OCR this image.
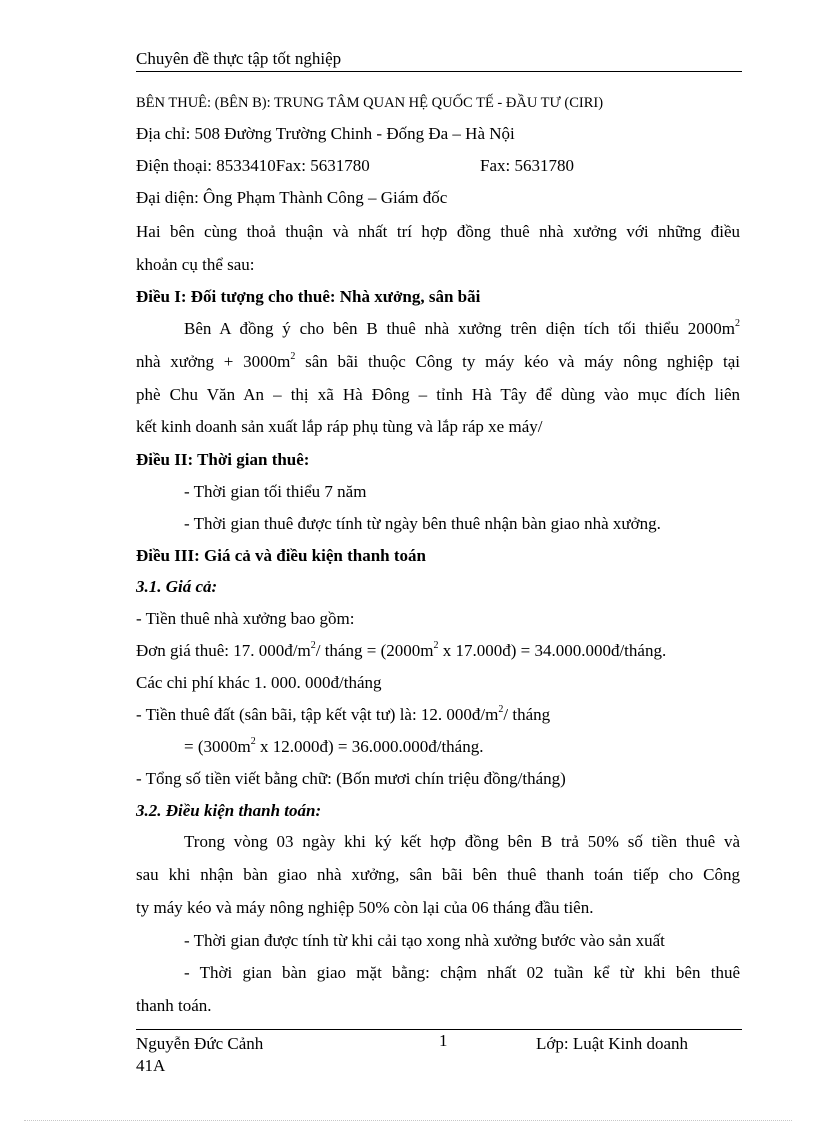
Chuyên đề thực tập tốt nghiệp
BÊN THUÊ: (BÊN B): TRUNG TÂM QUAN HỆ QUỐC TẾ - ĐẦU TƯ (CIRI)
Địa chỉ: 508 Đường Trường Chinh - Đống Đa – Hà Nội
Điện thoại: 8533410Fax: 5631780	Fax: 5631780
Đại diện: Ông Phạm Thành Công – Giám đốc
Hai bên cùng thoả thuận và nhất trí hợp đồng thuê nhà xưởng với những điều
khoản cụ thể sau:
Điều I: Đối tượng cho thuê: Nhà xưởng, sân bãi
Bên A đồng ý cho bên B thuê nhà xưởng trên diện tích tối thiểu $2000m^2$
nhà xưởng + $3000m^2$ sân bãi thuộc Công ty máy kéo và máy nông nghiệp tại
phè Chu Văn An – thị xã Hà Đông – tỉnh Hà Tây để dùng vào mục đích liên
kết kinh doanh sản xuất lắp ráp phụ tùng và lắp ráp xe máy/
Điều II: Thời gian thuê:
- Thời gian tối thiểu 7 năm
- Thời gian thuê được tính từ ngày bên thuê nhận bàn giao nhà xưởng.
Điều III: Giá cả và điều kiện thanh toán
3.1. Giá cả:
- Tiền thuê nhà xưởng bao gồm:
Đơn giá thuê: 17. $000đ/m^2/$ tháng = ($2000m^2$ x 17.000đ) = 34.000.000đ/tháng.
Các chi phí khác 1. 000. 000đ/tháng
- Tiền thuê đất (sân bãi, tập kết vật tư) là: 12. $000đ/m^2/$ tháng
= ($3000m^2$ x 12.000đ) = 36.000.000đ/tháng.
- Tổng số tiền viết bằng chữ: (Bốn mươi chín triệu đồng/tháng)
3.2. Điều kiện thanh toán:
Trong vòng 03 ngày khi ký kết hợp đồng bên B trả 50% số tiền thuê và
sau khi nhận bàn giao nhà xưởng, sân bãi bên thuê thanh toán tiếp cho Công
ty máy kéo và máy nông nghiệp 50% còn lại của 06 tháng đầu tiên.
- Thời gian được tính từ khi cải tạo xong nhà xưởng bước vào sản xuất
- Thời gian bàn giao mặt bằng: chậm nhất 02 tuần kể từ khi bên thuê
thanh toán.
Nguyễn Đức Cảnh
41A
1	Lớp: Luật Kinh doanh
